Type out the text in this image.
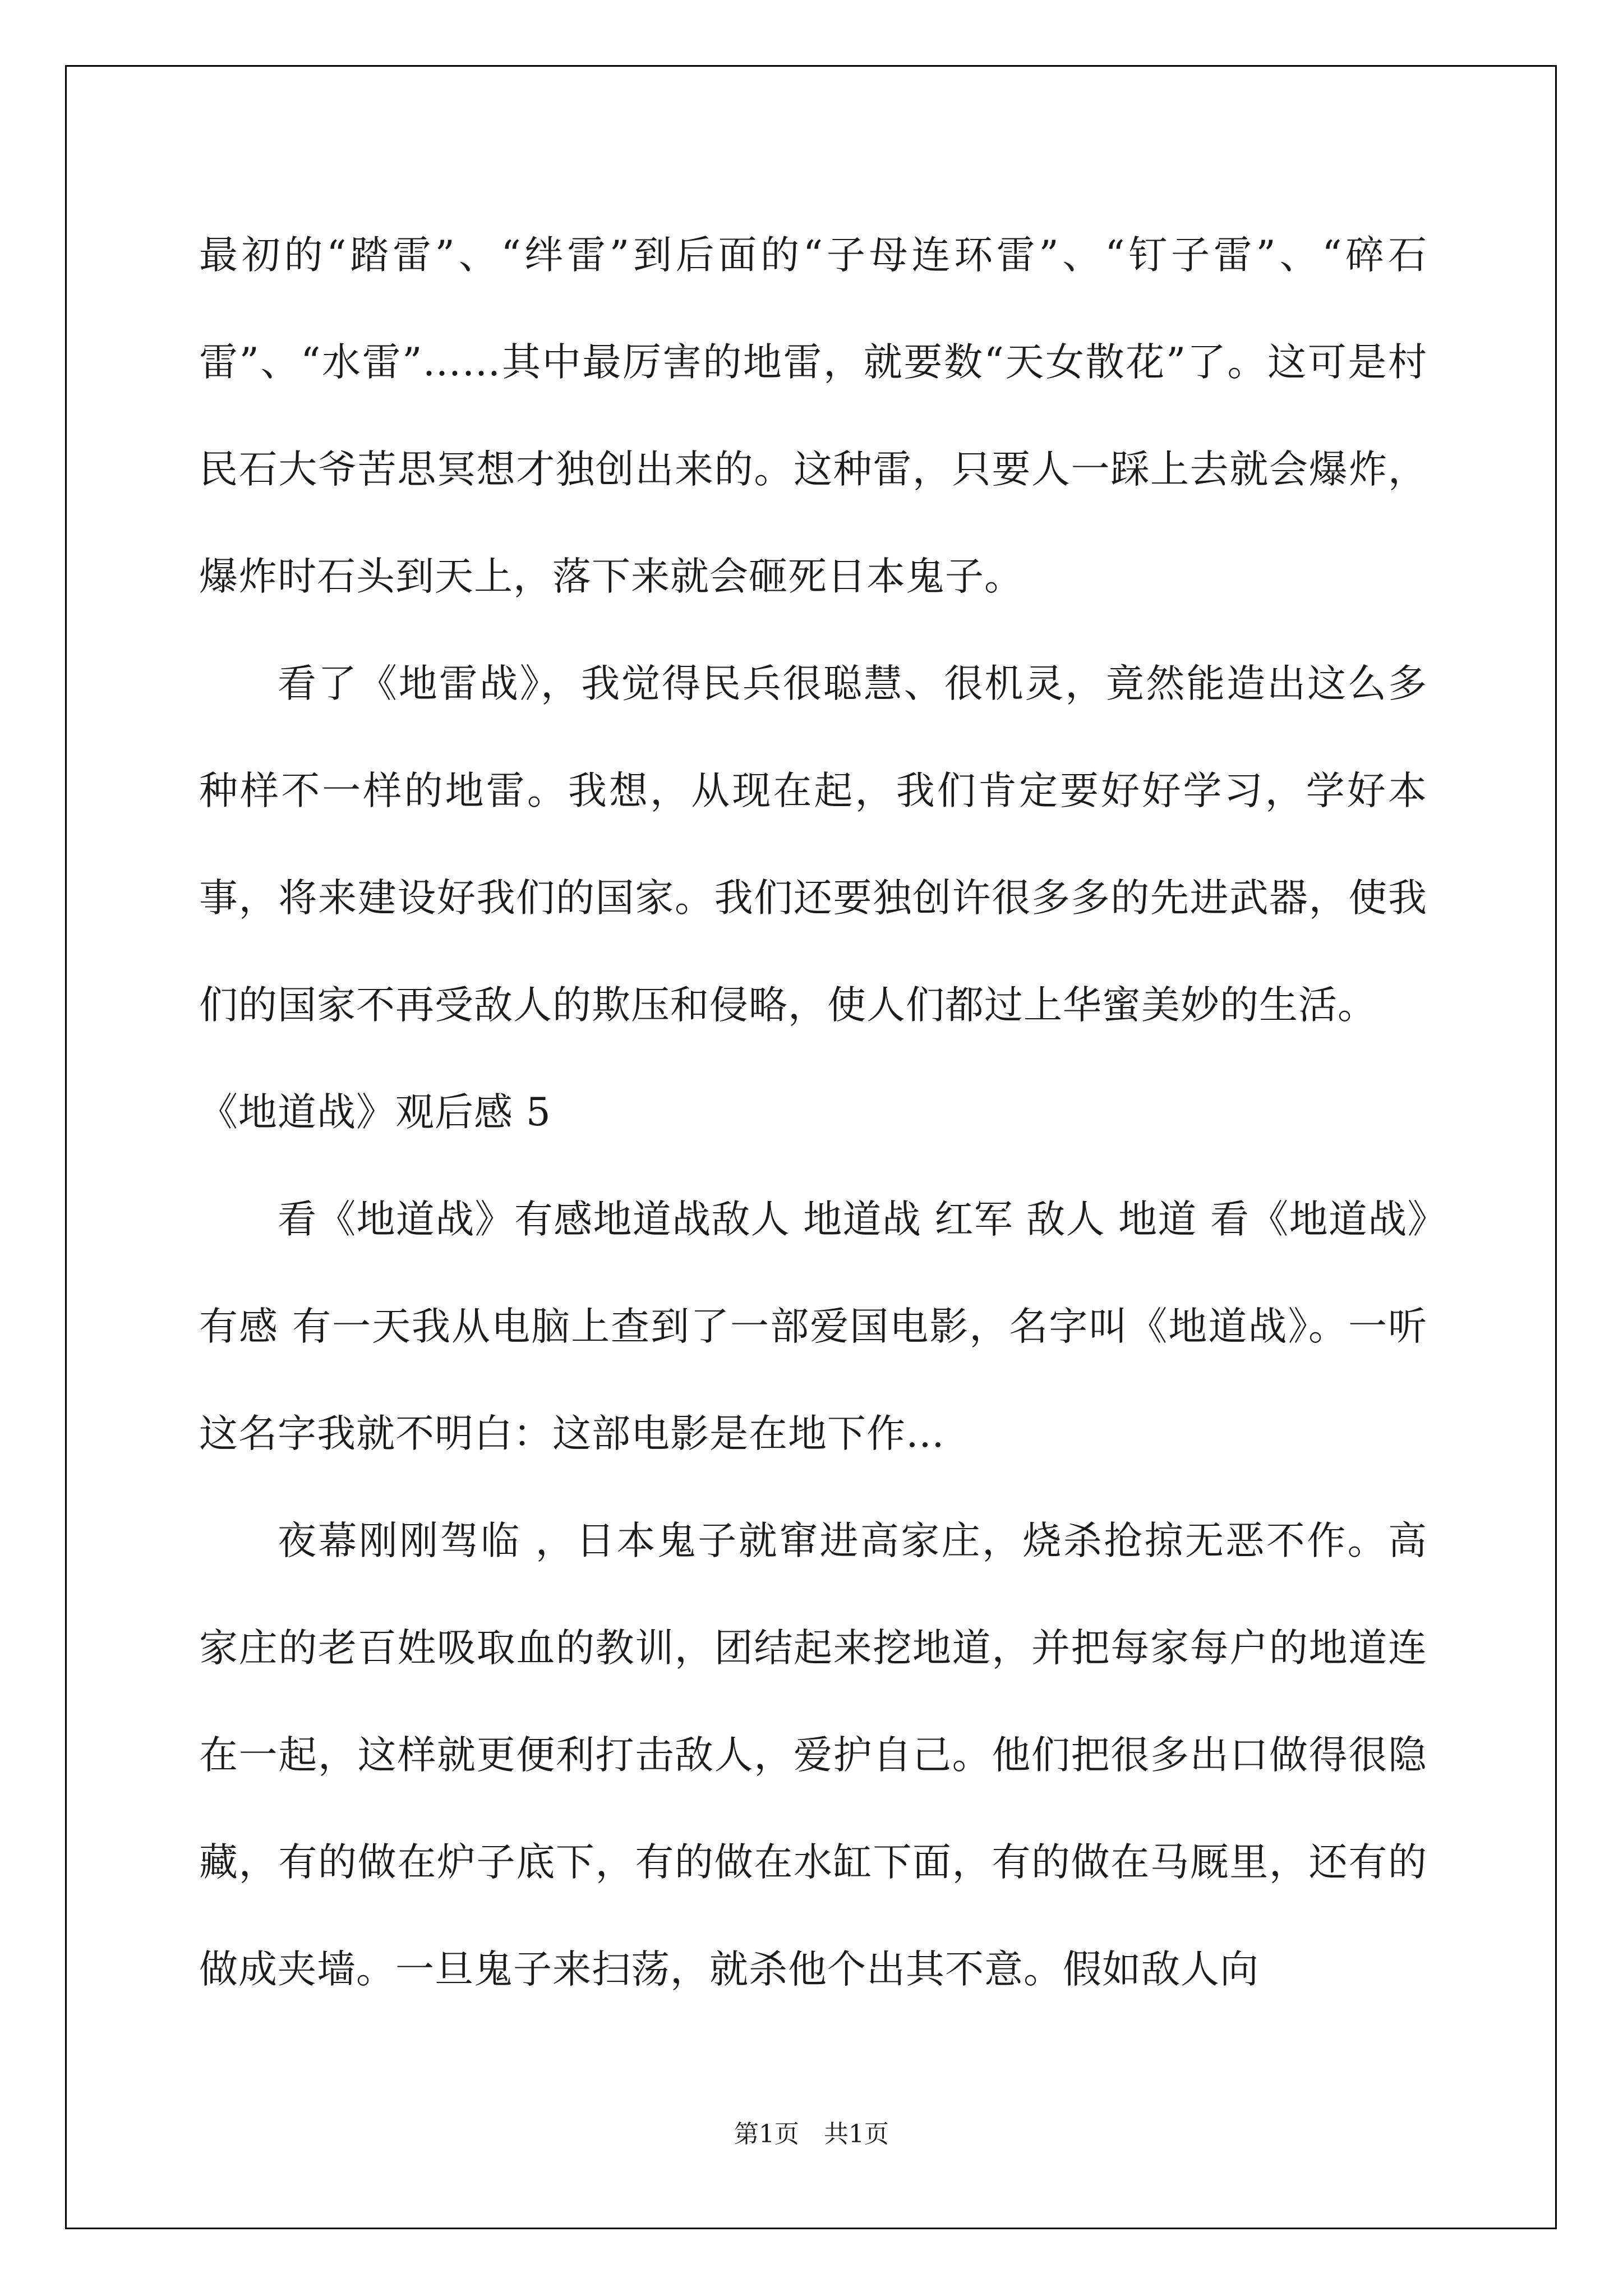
最初的“踏雷”、“绊雷”到后面的“子母连环雷”、“钉子雷”、“碎石雷”、“水雷”……其中最厉害的地雷，就要数“天女散花”了。这可是村民石大爷苦思冥想才独创出来的。这种雷，只要人一踩上去就会爆炸，爆炸时石头到天上，落下来就会砸死日本鬼子。

看了《地雷战》，我觉得民兵很聪慧、很机灵，竟然能造出这么多种样不一样的地雷。我想，从现在起，我们肯定要好好学习，学好本事，将来建设好我们的国家。我们还要独创许很多多的先进武器，使我们的国家不再受敌人的欺压和侵略，使人们都过上华蜜美妙的生活。

《地道战》观后感 5

看《地道战》有感地道战敌人 地道战 红军 敌人 地道 看《地道战》有感 有一天我从电脑上查到了一部爱国电影，名字叫《地道战》。一听这名字我就不明白：这部电影是在地下作…

夜幕刚刚驾临 ，日本鬼子就窜进高家庄，烧杀抢掠无恶不作。高家庄的老百姓吸取血的教训，团结起来挖地道，并把每家每户的地道连在一起，这样就更便利打击敌人，爱护自己。他们把很多出口做得很隐藏，有的做在炉子底下，有的做在水缸下面，有的做在马厩里，还有的做成夹墙。一旦鬼子来扫荡，就杀他个出其不意。假如敌人向

第1页 共1页
